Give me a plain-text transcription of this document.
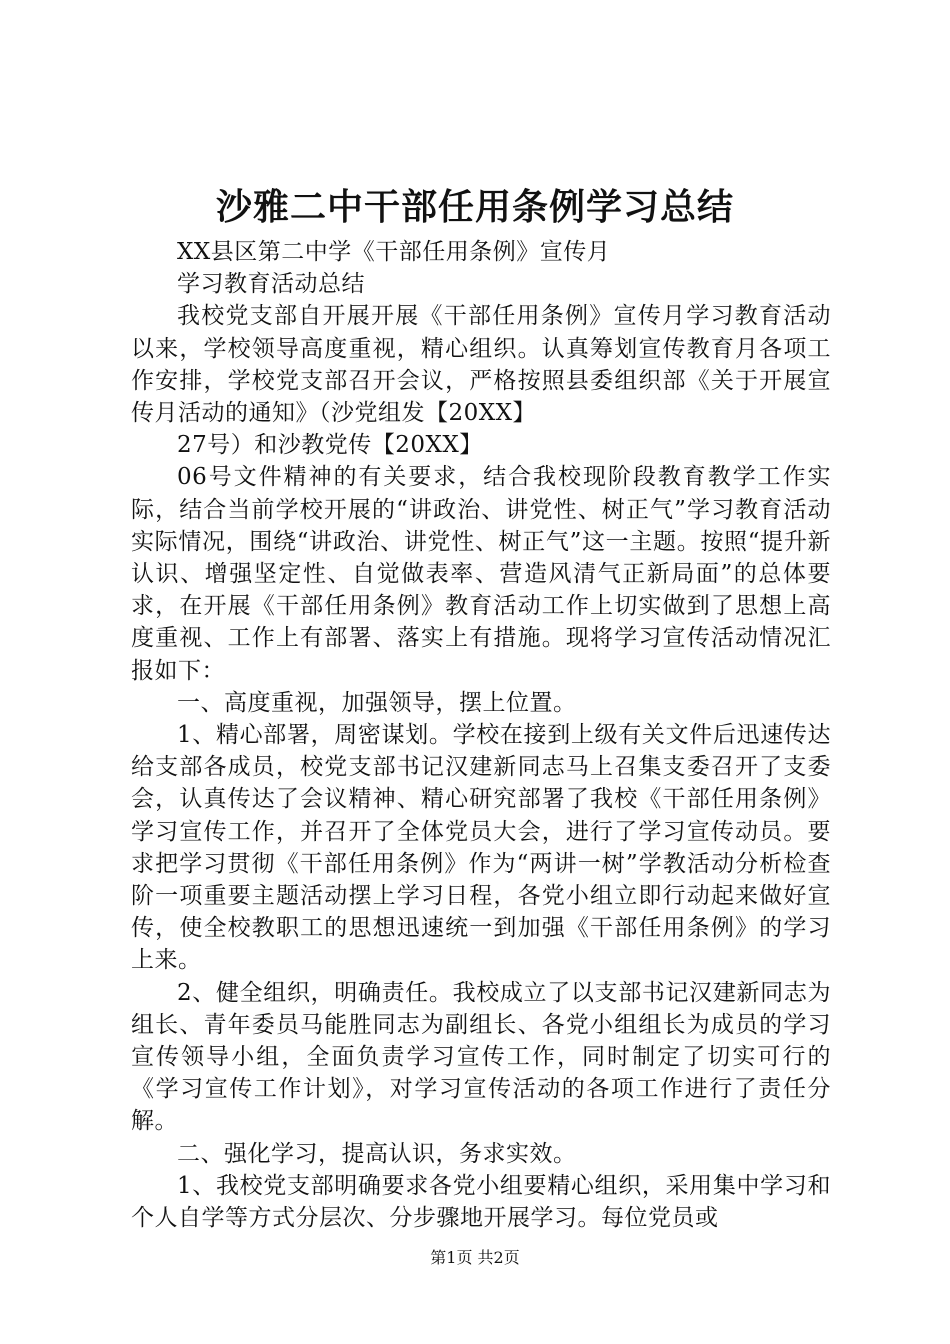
沙雅二中干部任用条例学习总结

XX县区第二中学《干部任用条例》宣传月

学习教育活动总结

我校党支部自开展开展《干部任用条例》宣传月学习教育活动以来，学校领导高度重视，精心组织。认真筹划宣传教育月各项工作安排，学校党支部召开会议，严格按照县委组织部《关于开展宣传月活动的通知》（沙党组发【20XX】

27号）和沙教党传【20XX】

06号文件精神的有关要求，结合我校现阶段教育教学工作实际，结合当前学校开展的“讲政治、讲党性、树正气”学习教育活动实际情况，围绕“讲政治、讲党性、树正气”这一主题。按照“提升新认识、增强坚定性、自觉做表率、营造风清气正新局面”的总体要求，在开展《干部任用条例》教育活动工作上切实做到了思想上高度重视、工作上有部署、落实上有措施。现将学习宣传活动情况汇报如下：

一、高度重视，加强领导，摆上位置。

1、精心部署，周密谋划。学校在接到上级有关文件后迅速传达给支部各成员，校党支部书记汉建新同志马上召集支委召开了支委会，认真传达了会议精神、精心研究部署了我校《干部任用条例》学习宣传工作，并召开了全体党员大会，进行了学习宣传动员。要求把学习贯彻《干部任用条例》作为“两讲一树”学教活动分析检查阶一项重要主题活动摆上学习日程，各党小组立即行动起来做好宣传，使全校教职工的思想迅速统一到加强《干部任用条例》的学习上来。

2、健全组织，明确责任。我校成立了以支部书记汉建新同志为组长、青年委员马能胜同志为副组长、各党小组组长为成员的学习宣传领导小组，全面负责学习宣传工作，同时制定了切实可行的《学习宣传工作计划》，对学习宣传活动的各项工作进行了责任分解。

二、强化学习，提高认识，务求实效。

1、我校党支部明确要求各党小组要精心组织，采用集中学习和个人自学等方式分层次、分步骤地开展学习。每位党员或

第1页 共2页
